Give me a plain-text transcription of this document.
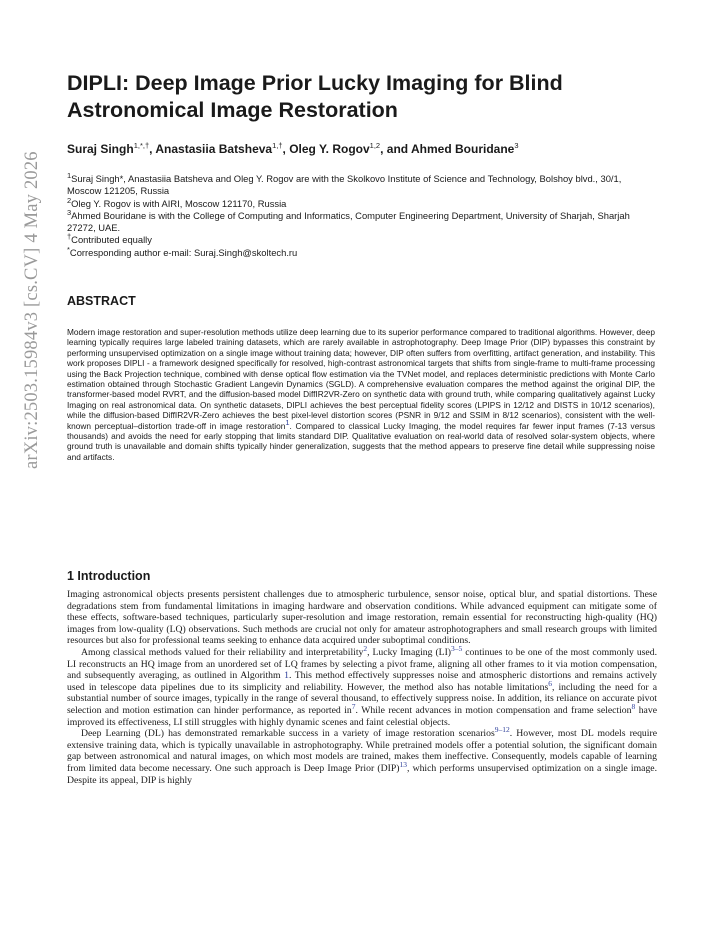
arXiv:2503.15984v3 [cs.CV] 4 May 2026
DIPLI: Deep Image Prior Lucky Imaging for Blind Astronomical Image Restoration
Suraj Singh$^{1,*,\dagger}$, Anastasiia Batsheva$^{1,\dagger}$, Oleg Y. Rogov$^{1,2}$, and Ahmed Bouridane$^3$
$^1$Suraj Singh*, Anastasiia Batsheva and Oleg Y. Rogov are with the Skolkovo Institute of Science and Technology, Bolshoy blvd., 30/1, Moscow 121205, Russia
$^2$Oleg Y. Rogov is with AIRI, Moscow 121170, Russia
$^3$Ahmed Bouridane is with the College of Computing and Informatics, Computer Engineering Department, University of Sharjah, Sharjah 27272, UAE.
†Contributed equally
*Corresponding author e-mail: Suraj.Singh@skoltech.ru
ABSTRACT

Modern image restoration and super-resolution methods utilize deep learning due to its superior performance compared to traditional algorithms. However, deep learning typically requires large labeled training datasets, which are rarely available in astrophotography. Deep Image Prior (DIP) bypasses this constraint by performing unsupervised optimization on a single image without training data; however, DIP often suffers from overfitting, artifact generation, and instability. This work proposes DIPLI - a framework designed specifically for resolved, high-contrast astronomical targets that shifts from single-frame to multi-frame processing using the Back Projection technique, combined with dense optical flow estimation via the TVNet model, and replaces deterministic predictions with Monte Carlo estimation obtained through Stochastic Gradient Langevin Dynamics (SGLD). A comprehensive evaluation compares the method against the original DIP, the transformer-based model RVRT, and the diffusion-based model DiffIR2VR-Zero on synthetic data with ground truth, while comparing qualitatively against Lucky Imaging on real astronomical data. On synthetic datasets, DIPLI achieves the best perceptual fidelity scores (LPIPS in 12/12 and DISTS in 10/12 scenarios), while the diffusion-based DiffIR2VR-Zero achieves the best pixel-level distortion scores (PSNR in 9/12 and SSIM in 8/12 scenarios), consistent with the well-known perceptual–distortion trade-off in image restoration$^1$. Compared to classical Lucky Imaging, the model requires far fewer input frames (7-13 versus thousands) and avoids the need for early stopping that limits standard DIP. Qualitative evaluation on real-world data of resolved solar-system objects, where ground truth is unavailable and domain shifts typically hinder generalization, suggests that the method appears to preserve fine detail while suppressing noise and artifacts.

1 Introduction

Imaging astronomical objects presents persistent challenges due to atmospheric turbulence, sensor noise, optical blur, and spatial distortions. These degradations stem from fundamental limitations in imaging hardware and observation conditions. While advanced equipment can mitigate some of these effects, software-based techniques, particularly super-resolution and image restoration, remain essential for reconstructing high-quality (HQ) images from low-quality (LQ) observations. Such methods are crucial not only for amateur astrophotographers and small research groups with limited resources but also for professional teams seeking to enhance data acquired under suboptimal conditions.

Among classical methods valued for their reliability and interpretability$^2$, Lucky Imaging (LI)$^{3-5}$ continues to be one of the most commonly used. LI reconstructs an HQ image from an unordered set of LQ frames by selecting a pivot frame, aligning all other frames to it via motion compensation, and subsequently averaging, as outlined in Algorithm 1. This method effectively suppresses noise and atmospheric distortions and remains actively used in telescope data pipelines due to its simplicity and reliability. However, the method also has notable limitations$^6$, including the need for a substantial number of source images, typically in the range of several thousand, to effectively suppress noise. In addition, its reliance on accurate pivot selection and motion estimation can hinder performance, as reported in$^7$. While recent advances in motion compensation and frame selection$^8$ have improved its effectiveness, LI still struggles with highly dynamic scenes and faint celestial objects.

Deep Learning (DL) has demonstrated remarkable success in a variety of image restoration scenarios$^{9-12}$. However, most DL models require extensive training data, which is typically unavailable in astrophotography. While pretrained models offer a potential solution, the significant domain gap between astronomical and natural images, on which most models are trained, makes them ineffective. Consequently, models capable of learning from limited data become necessary. One such approach is Deep Image Prior (DIP)$^{13}$, which performs unsupervised optimization on a single image. Despite its appeal, DIP is highly
